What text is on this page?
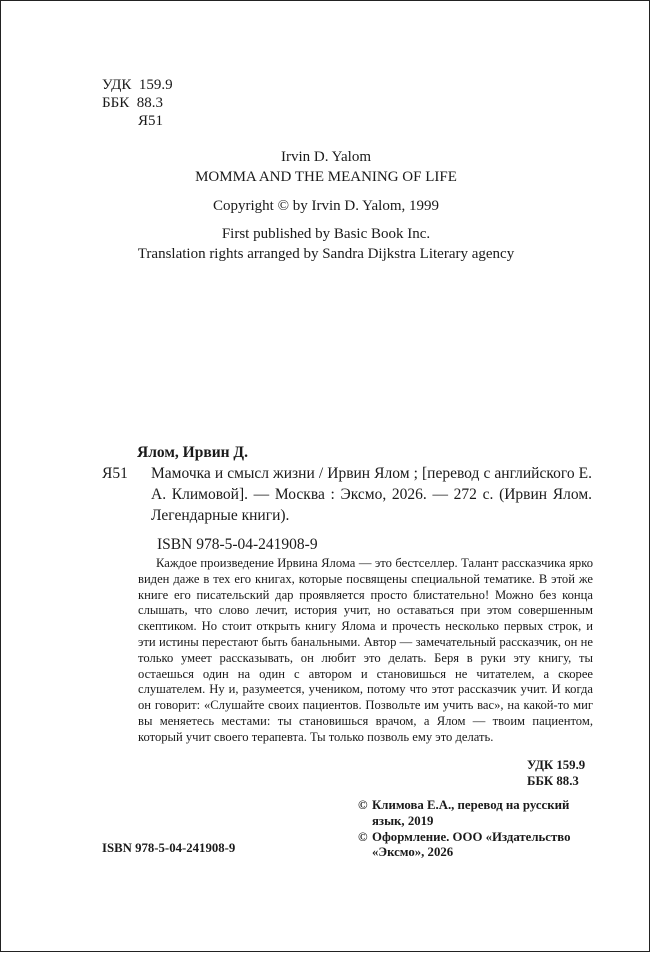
УДК 159.9
ББК 88.3
Я51
Irvin D. Yalom
MOMMA AND THE MEANING OF LIFE
Copyright © by Irvin D. Yalom, 1999
First published by Basic Book Inc.
Translation rights arranged by Sandra Dijkstra Literary agency
Ялом, Ирвин Д.
Я51 Мамочка и смысл жизни / Ирвин Ялом ; [перевод с английского Е. А. Климовой]. — Москва : Эксмо, 2026. — 272 с. (Ирвин Ялом. Легендарные книги).
ISBN 978-5-04-241908-9

Каждое произведение Ирвина Ялома — это бестселлер. Талант рассказчика ярко виден даже в тех его книгах, которые посвящены специальной тематике. В этой же книге его писательский дар проявляется просто блистательно! Можно без конца слышать, что слово лечит, история учит, но оставаться при этом совершенным скептиком. Но стоит открыть книгу Ялома и прочесть несколько первых строк, и эти истины перестают быть банальными. Автор — замечательный рассказчик, он не только умеет рассказывать, он любит это делать. Беря в руки эту книгу, ты остаешься один на один с автором и становишься не читателем, а скорее слушателем. Ну и, разумеется, учеником, потому что этот рассказчик учит. И когда он говорит: «Слушайте своих пациентов. Позвольте им учить вас», на какой-то миг вы меняетесь местами: ты становишься врачом, а Ялом — твоим пациентом, который учит своего терапевта. Ты только позволь ему это делать.

УДК 159.9
ББК 88.3
© Климова Е.А., перевод на русский язык, 2019
© Оформление. ООО «Издательство «Эксмо», 2026
ISBN 978-5-04-241908-9
